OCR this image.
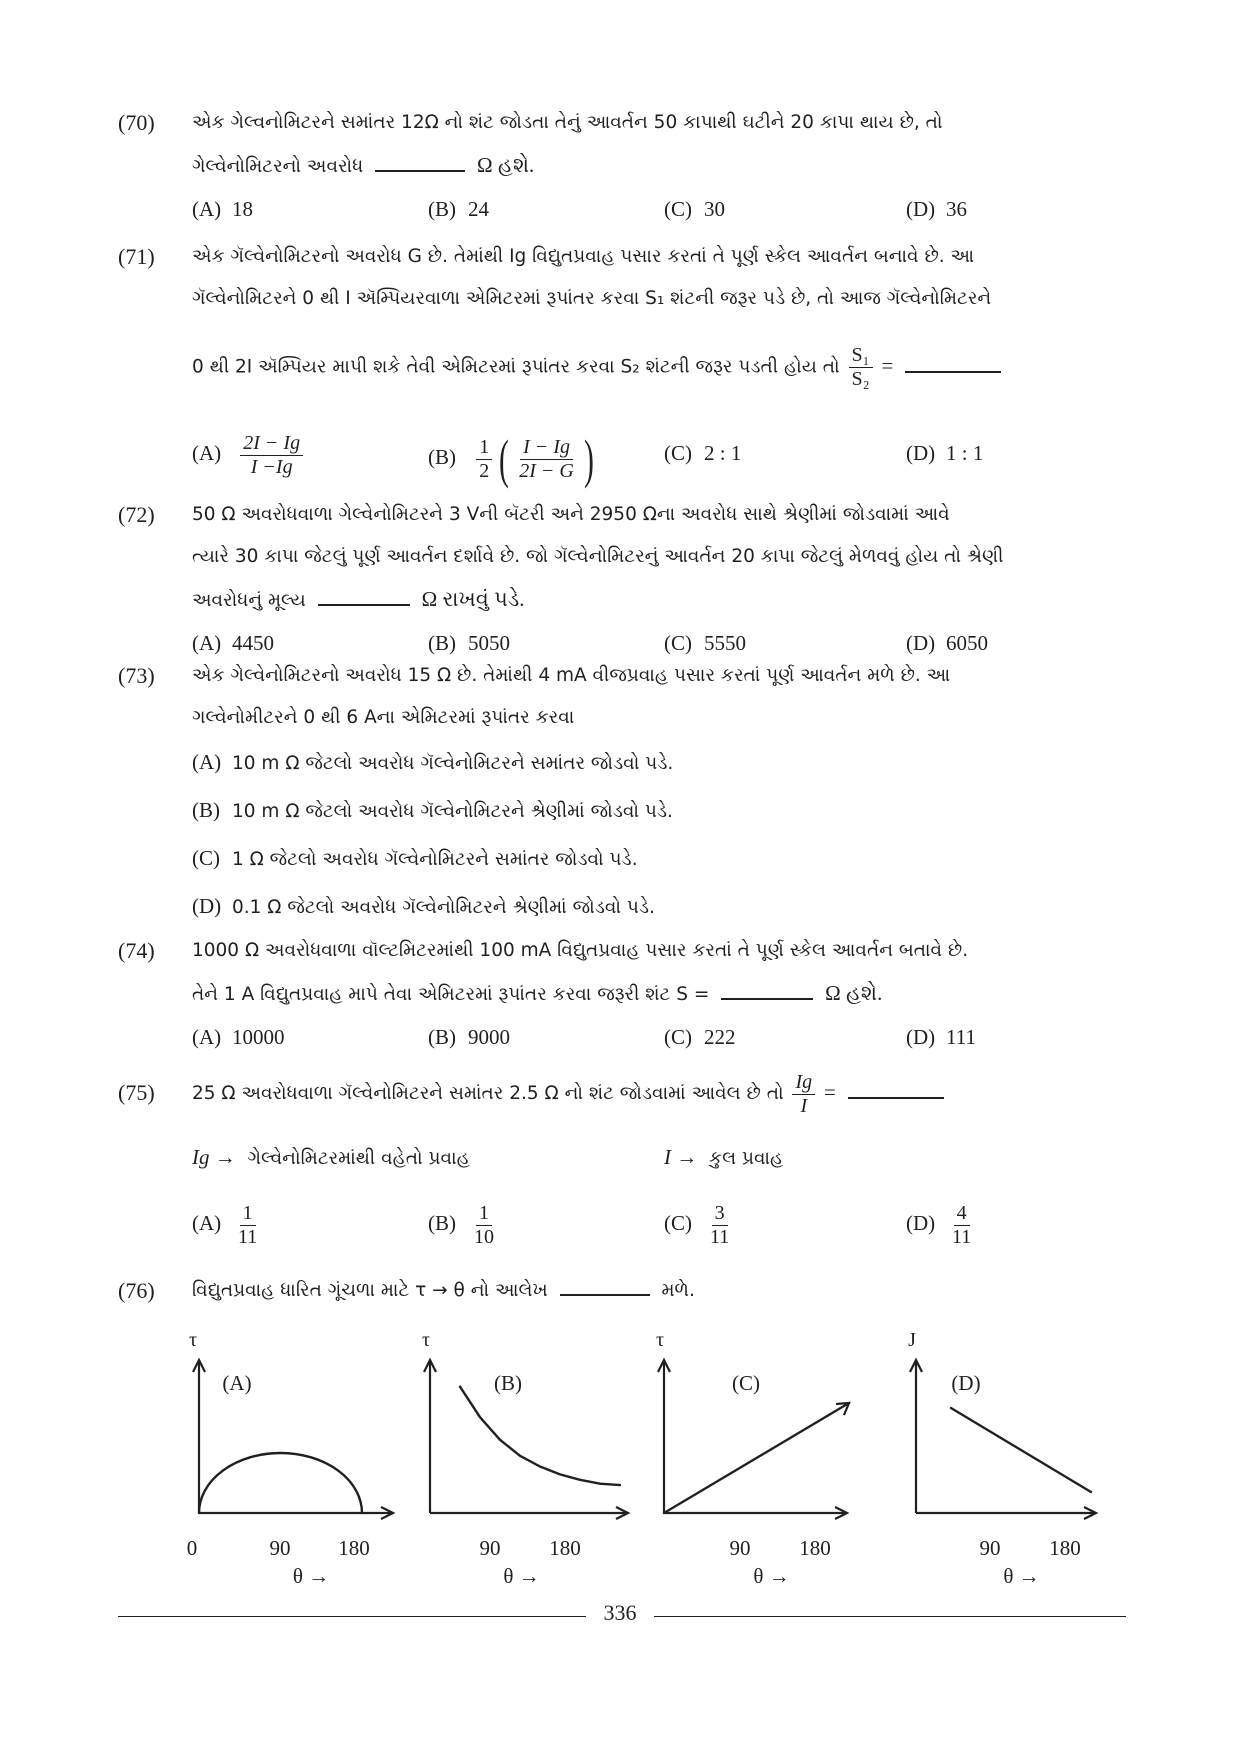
(70) એક ગેલ્વનોમિટરને સમાંતર 12Ω નો શંટ જોડતા તેનું આવર્તન 50 કાપાથી ઘટીને 20 કાપા થાય છે, તો
ગેલ્વેનોમિટરનો અવરોધ	Ω હશે.
(A) 18	(B) 24	(C) 30	(D) 36
(71) એક ગૅલ્વેનોમિટરનો અવરોધ G છે. તેમાંથી Ig વિદ્યુતપ્રવાહ પસાર કરતાં તે પૂર્ણ સ્કેલ આવર્તન બનાવે છે. આ
ગૅલ્વેનોમિટરને 0 થી I ઍમ્પિયરવાળા એમિટરમાં રૂપાંતર કરવા S₁ શંટની જરૂર પડે છે, તો આજ ગૅલ્વેનોમિટરને
0 થી 2I ઍમ્પિયર માપી શકે તેવી એમિટરમાં રૂપાંતર કરવા S₂ શંટની જરૂર પડતી હોય તો $\frac{\text{S₁}}{\text{S₂}}$ =
$(A) \frac{2I - Ig}{I -Ig}$	$(B) \frac{1}{2}$ ( $\frac{I - Ig}{2I - G}$ )	(C) 2 : 1	(D) 1 : 1
(72) 50 Ω અવરોધવાળા ગેલ્વેનોમિટરને 3 Vની બૅટરી અને 2950 Ωના અવરોધ સાથે શ્રેણીમાં જોડવામાં આવે
ત્યારે 30 કાપા જેટલું પૂર્ણ આવર્તન દર્શાવે છે. જો ગૅલ્વેનોમિટરનું આવર્તન 20 કાપા જેટલું મેળવવું હોય તો શ્રેણી
અવરોધનું મૂલ્ય	Ω રાખવું પડે.
(A) 4450	(B) 5050	(C) 5550	(D) 6050
(73) એક ગેલ્વેનોમિટરનો અવરોધ 15 Ω છે. તેમાંથી 4 mA વીજપ્રવાહ પસાર કરતાં પૂર્ણ આવર્તન મળે છે. આ
ગલ્વેનોમીટરને 0 થી 6 Aના એમિટરમાં રૂપાંતર કરવા
(A) 10 m Ω જેટલો અવરોધ ગૅલ્વેનોમિટરને સમાંતર જોડવો પડે.
(B) 10 m Ω જેટલો અવરોધ ગૅલ્વેનોમિટરને શ્રેણીમાં જોડવો પડે.
(C) 1 Ω જેટલો અવરોધ ગૅલ્વેનોમિટરને સમાંતર જોડવો પડે.
(D) 0.1 Ω જેટલો અવરોધ ગૅલ્વેનોમિટરને શ્રેણીમાં જોડવો પડે.
(74) 1000 Ω અવરોધવાળા વૉલ્ટમિટરમાંથી 100 mA વિદ્યુતપ્રવાહ પસાર કરતાં તે પૂર્ણ સ્કેલ આવર્તન બતાવે છે.
તેને 1 A વિદ્યુતપ્રવાહ માપે તેવા એમિટરમાં રૂપાંતર કરવા જરૂરી શંટ S =	Ω હશે.
(A) 10000	(B) 9000	(C) 222	(D) 111
(75) 25 Ω અવરોધવાળા ગૅલ્વેનોમિટરને સમાંતર 2.5 Ω નો શંટ જોડવામાં આવેલ છે તો $\frac{Ig}{I}$ =
Ig → ગેલ્વેનોમિટરમાંથી વહેતો પ્રવાહ	I → કુલ પ્રવાહ
$(A) \frac{1}{11}$	$(B) \frac{1}{10}$	$(C) \frac{3}{11}$	$(D) \frac{4}{11}$
(76) વિદ્યુતપ્રવાહ ધારિત ગૂંચળા માટે τ → θ નો આલેખ	મળે.
τ
(A)
0	90 180
θ →
τ
(B)
90 180
θ →
τ
(C)
90 180
θ →
J
(D)
90 180
θ →
336
